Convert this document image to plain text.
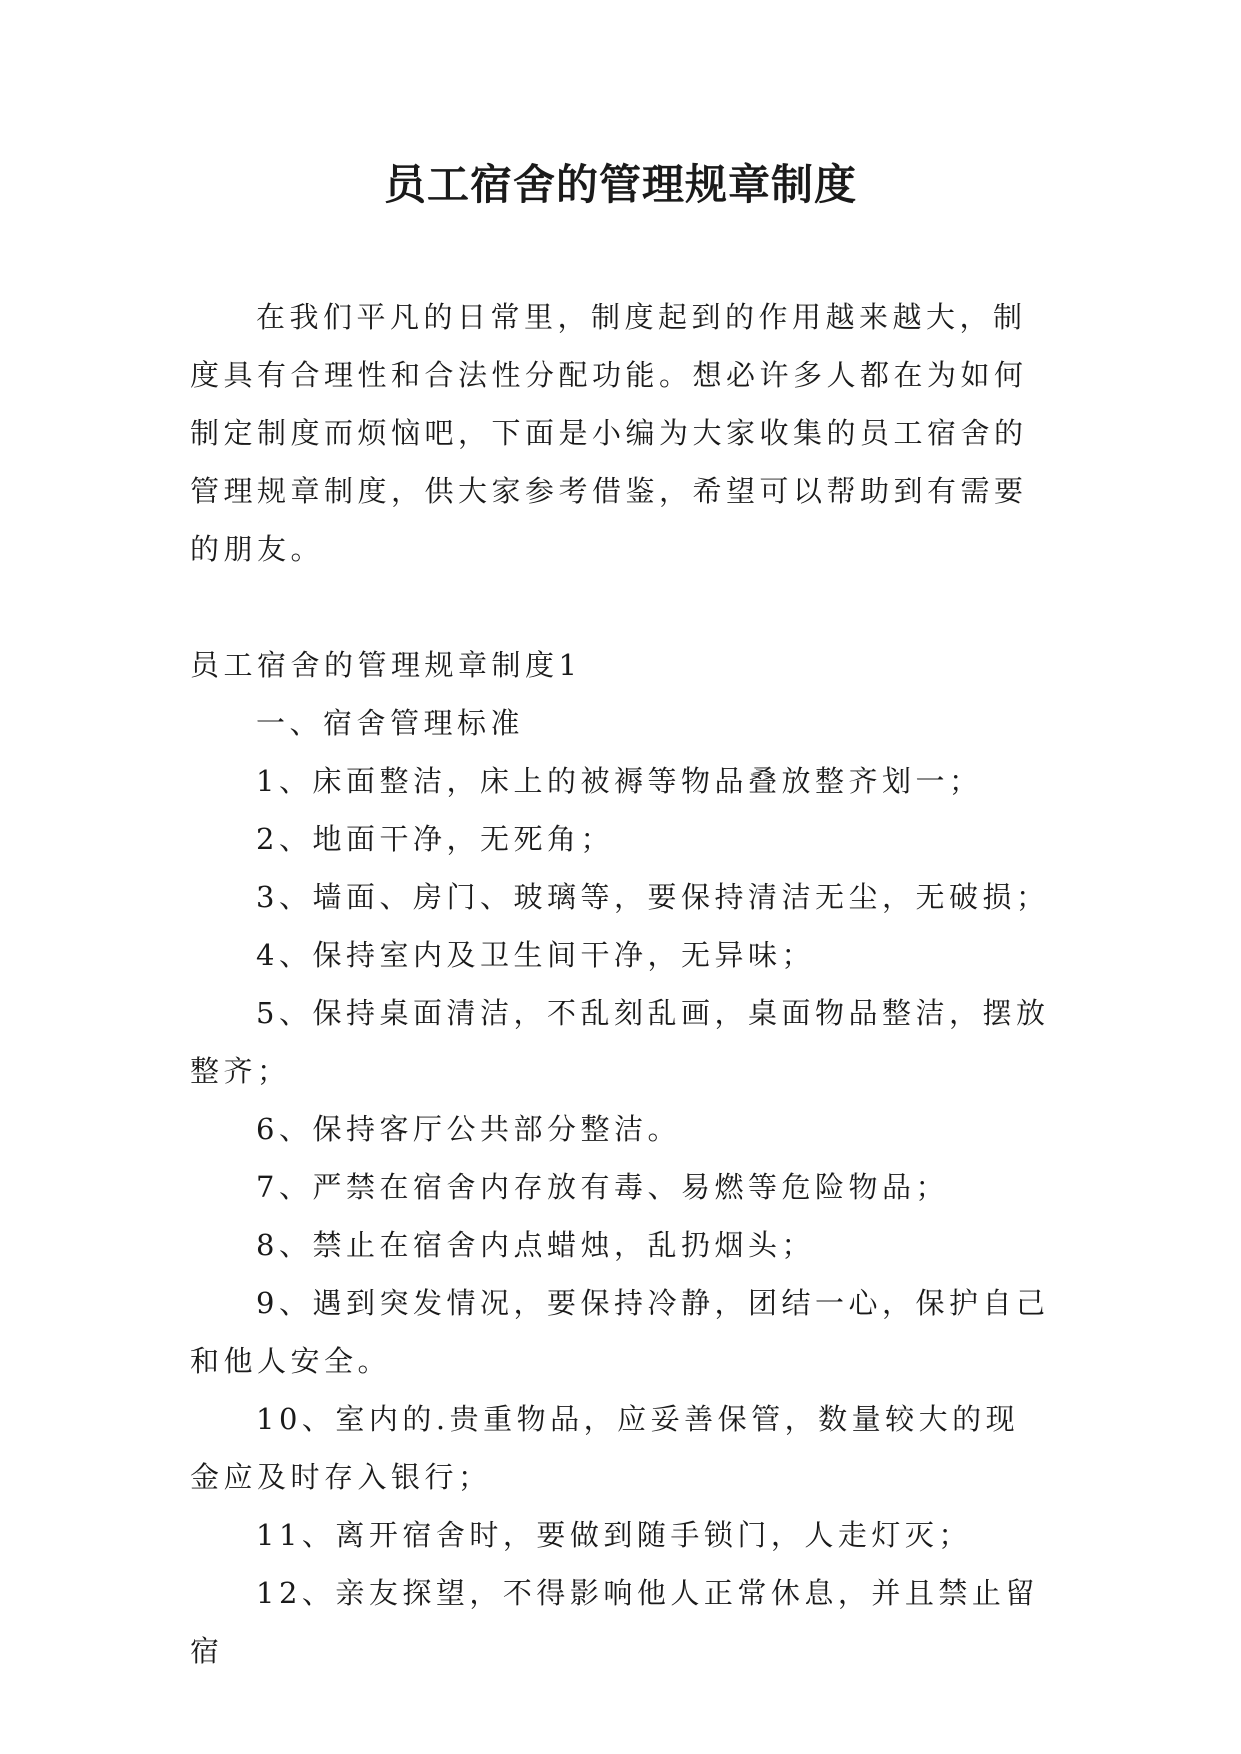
员工宿舍的管理规章制度

在我们平凡的日常里，制度起到的作用越来越大，制度具有合理性和合法性分配功能。想必许多人都在为如何制定制度而烦恼吧，下面是小编为大家收集的员工宿舍的管理规章制度，供大家参考借鉴，希望可以帮助到有需要的朋友。

员工宿舍的管理规章制度1

一、宿舍管理标准

1、床面整洁，床上的被褥等物品叠放整齐划一；

2、地面干净，无死角；

3、墙面、房门、玻璃等，要保持清洁无尘，无破损；

4、保持室内及卫生间干净，无异味；

5、保持桌面清洁，不乱刻乱画，桌面物品整洁，摆放整齐；

6、保持客厅公共部分整洁。

7、严禁在宿舍内存放有毒、易燃等危险物品；

8、禁止在宿舍内点蜡烛，乱扔烟头；

9、遇到突发情况，要保持冷静，团结一心，保护自己和他人安全。

10、室内的.贵重物品，应妥善保管，数量较大的现金应及时存入银行；

11、离开宿舍时，要做到随手锁门，人走灯灭；

12、亲友探望，不得影响他人正常休息，并且禁止留宿
